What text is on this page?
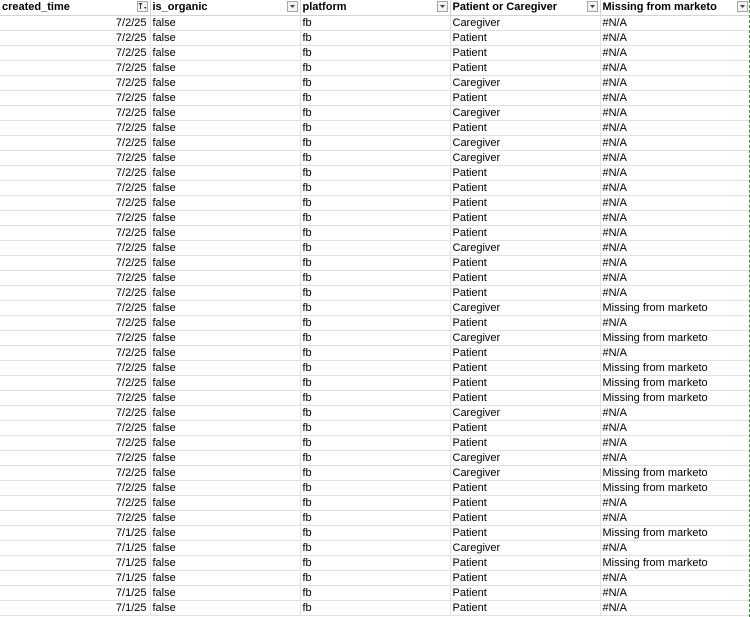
created_time	is_organic	platform	Patient or Caregiver	Missing from marketo

7/2/25	false	fb	Caregiver	#N/A
7/2/25	false	fb	Patient	#N/A
7/2/25	false	fb	Patient	#N/A
7/2/25	false	fb	Patient	#N/A
7/2/25	false	fb	Caregiver	#N/A
7/2/25	false	fb	Patient	#N/A
7/2/25	false	fb	Caregiver	#N/A
7/2/25	false	fb	Patient	#N/A
7/2/25	false	fb	Caregiver	#N/A
7/2/25	false	fb	Caregiver	#N/A
7/2/25	false	fb	Patient	#N/A
7/2/25	false	fb	Patient	#N/A
7/2/25	false	fb	Patient	#N/A
7/2/25	false	fb	Patient	#N/A
7/2/25	false	fb	Patient	#N/A
7/2/25	false	fb	Caregiver	#N/A
7/2/25	false	fb	Patient	#N/A
7/2/25	false	fb	Patient	#N/A
7/2/25	false	fb	Patient	#N/A
7/2/25	false	fb	Caregiver	Missing from marketo
7/2/25	false	fb	Patient	#N/A
7/2/25	false	fb	Caregiver	Missing from marketo
7/2/25	false	fb	Patient	#N/A
7/2/25	false	fb	Patient	Missing from marketo
7/2/25	false	fb	Patient	Missing from marketo
7/2/25	false	fb	Patient	Missing from marketo
7/2/25	false	fb	Caregiver	#N/A
7/2/25	false	fb	Patient	#N/A
7/2/25	false	fb	Patient	#N/A
7/2/25	false	fb	Caregiver	#N/A
7/2/25	false	fb	Caregiver	Missing from marketo
7/2/25	false	fb	Patient	Missing from marketo
7/2/25	false	fb	Patient	#N/A
7/2/25	false	fb	Patient	#N/A
7/1/25	false	fb	Patient	Missing from marketo
7/1/25	false	fb	Caregiver	#N/A
7/1/25	false	fb	Patient	Missing from marketo
7/1/25	false	fb	Patient	#N/A
7/1/25	false	fb	Patient	#N/A
7/1/25	false	fb	Patient	#N/A
